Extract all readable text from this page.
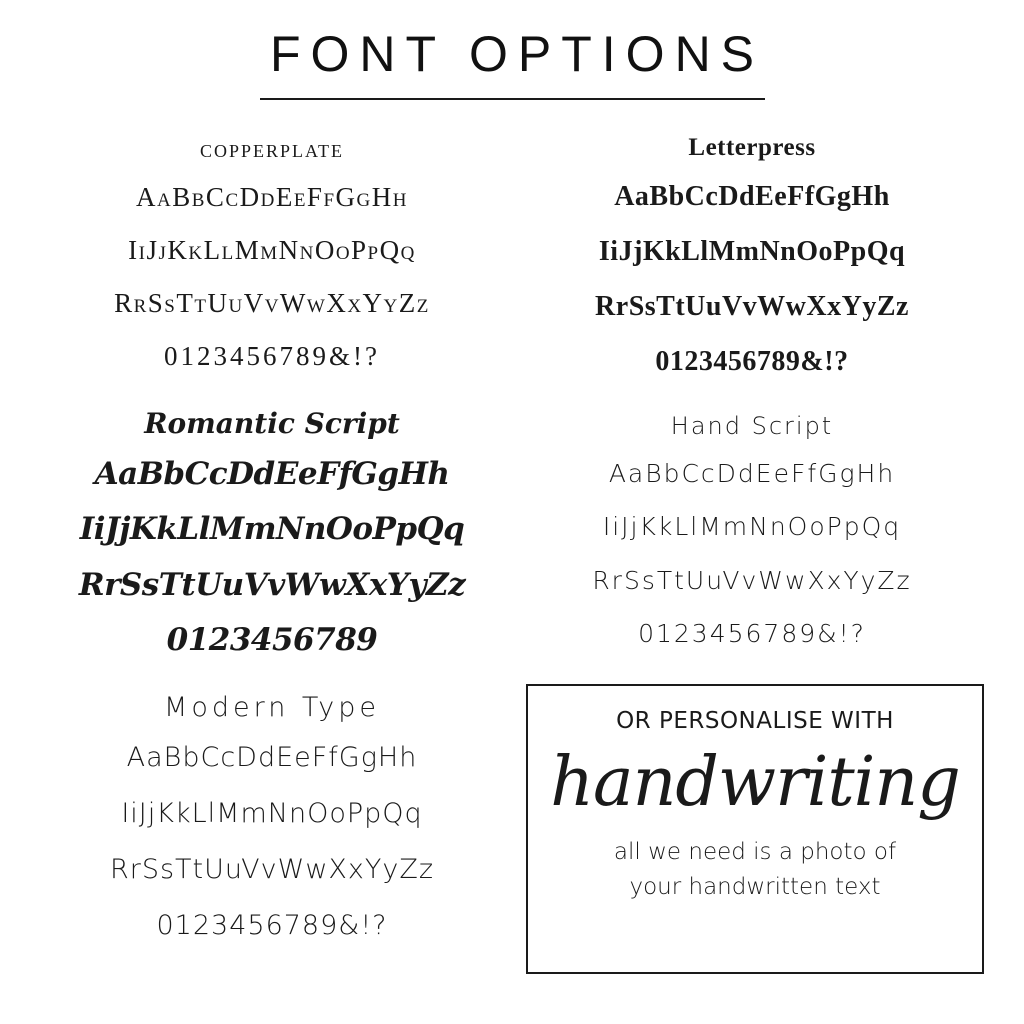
FONT OPTIONS
copperplate
AaBbCcDdEeFfGgHh
IiJjKkLlMmNnOoPpQq
RrSsTtUuVvWwXxYyZz
0123456789&!?
Romantic Script
AaBbCcDdEeFfGgHh
IiJjKkLlMmNnOoPpQq
RrSsTtUuVvWwXxYyZz
0123456789
Modern Type
AaBbCcDdEeFfGgHh
IiJjKkLlMmNnOoPpQq
RrSsTtUuVvWwXxYyZz
0123456789&!?
Letterpress
AaBbCcDdEeFfGgHh
IiJjKkLlMmNnOoPpQq
RrSsTtUuVvWwXxYyZz
0123456789&!?
Hand Script
AaBbCcDdEeFfGgHh
IiJjKkLlMmNnOoPpQq
RrSsTtUuVvWwXxYyZz
0123456789&!?
OR PERSONALISE WITH
handwriting
all we need is a photo of
your handwritten text
